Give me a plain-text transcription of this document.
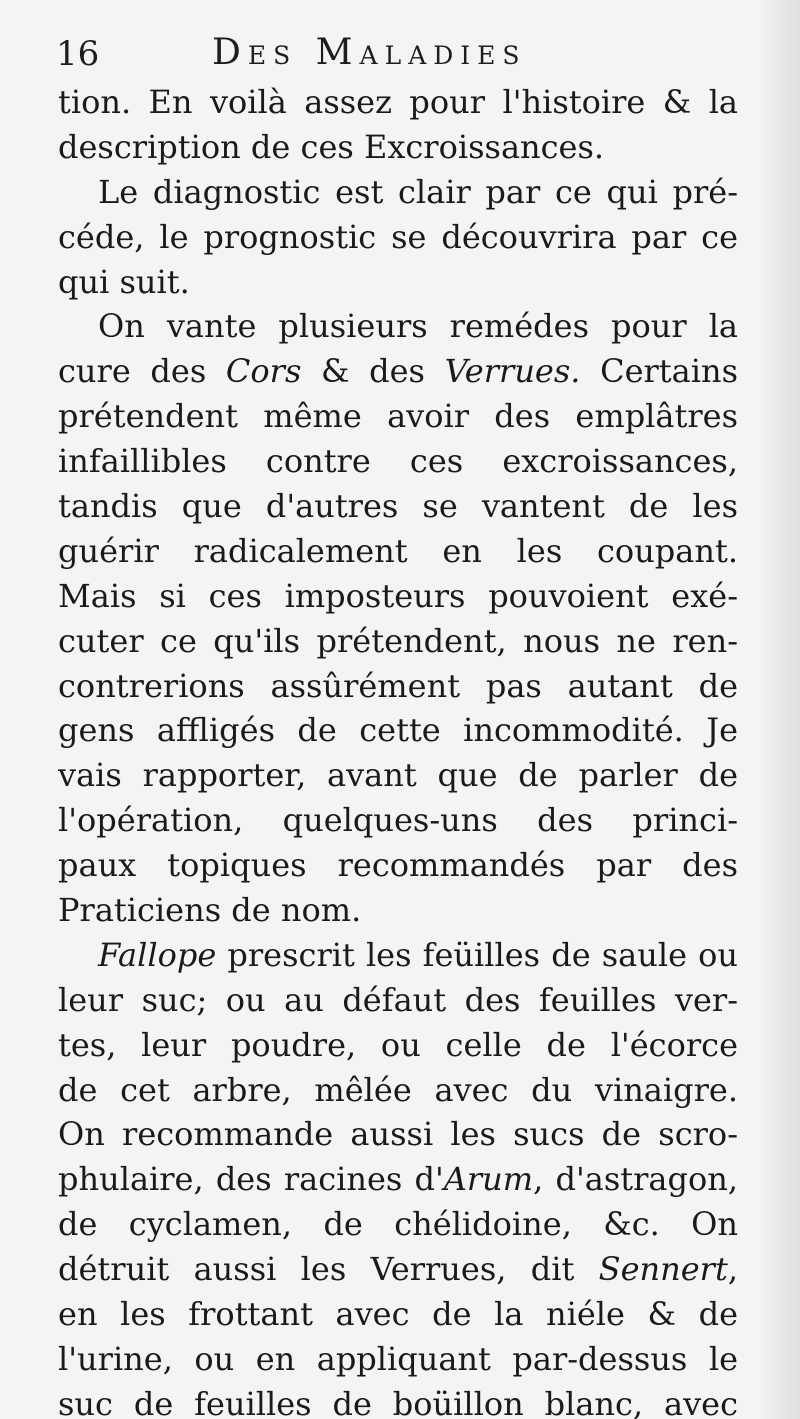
16	Des Maladies
tion. En voilà assez pour l'histoire & la
description de ces Excroissances.
Le diagnostic est clair par ce qui pré-
céde, le prognostic se découvrira par ce
qui suit.
On vante plusieurs remédes pour la
cure des Cors & des Verrues. Certains
prétendent même avoir des emplâtres
infaillibles contre ces excroissances,
tandis que d'autres se vantent de les
guérir radicalement en les coupant.
Mais si ces imposteurs pouvoient exé-
cuter ce qu'ils prétendent, nous ne ren-
contrerions assûrément pas autant de
gens affligés de cette incommodité. Je
vais rapporter, avant que de parler de
l'opération, quelques-uns des princi-
paux topiques recommandés par des
Praticiens de nom.
Fallope prescrit les feüilles de saule ou
leur suc; ou au défaut des feuilles ver-
tes, leur poudre, ou celle de l'écorce
de cet arbre, mêlée avec du vinaigre.
On recommande aussi les sucs de scro-
phulaire, des racines d'Arum, d'astragon,
de cyclamen, de chélidoine, &c. On
détruit aussi les Verrues, dit Sennert,
en les frottant avec de la niéle & de
l'urine, ou en appliquant par-dessus le
suc de feuilles de boüillon blanc, avec
